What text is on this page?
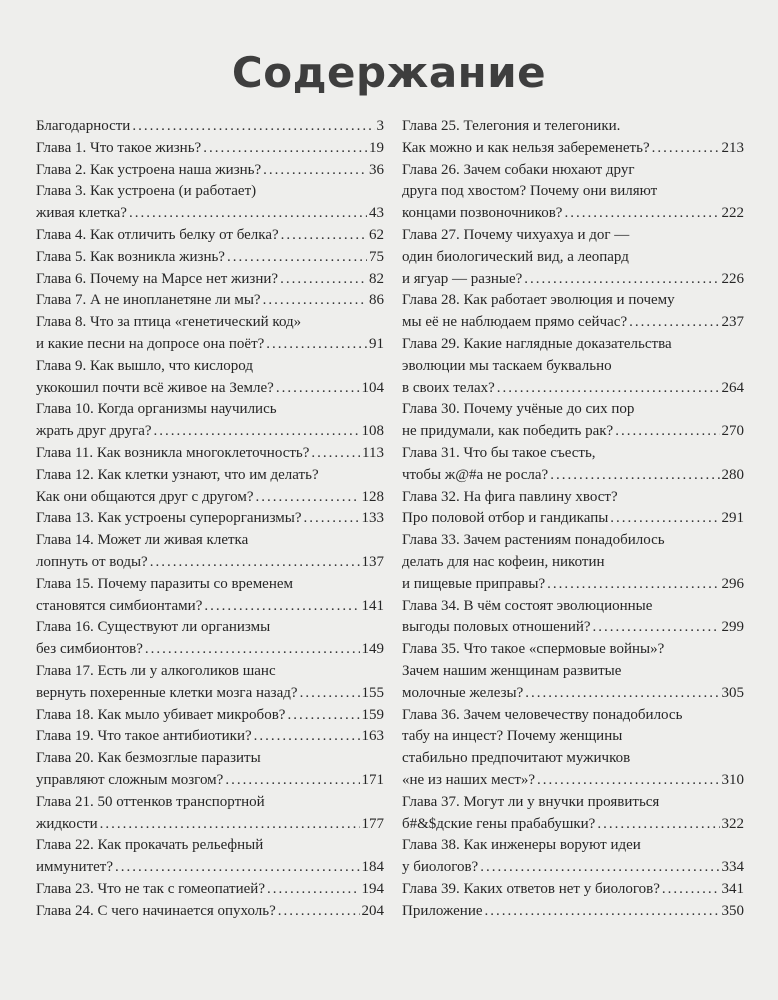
Содержание
Благодарности .....	3
Глава 1. Что такое жизнь? .....	19
Глава 2. Как устроена наша жизнь? .....	36
Глава 3. Как устроена (и работает)
живая клетка? .....	43
Глава 4. Как отличить белку от белка? .....	62
Глава 5. Как возникла жизнь? .....	75
Глава 6. Почему на Марсе нет жизни? .....	82
Глава 7. А не инопланетяне ли мы? .....	86
Глава 8. Что за птица «генетический код»
и какие песни на допросе она поёт? .....	91
Глава 9. Как вышло, что кислород
укокошил почти всё живое на Земле? .....	104
Глава 10. Когда организмы научились
жрать друг друга? .....	108
Глава 11. Как возникла многоклеточность? .....	113
Глава 12. Как клетки узнают, что им делать?
Как они общаются друг с другом? .....	128
Глава 13. Как устроены суперорганизмы? .....	133
Глава 14. Может ли живая клетка
лопнуть от воды? .....	137
Глава 15. Почему паразиты со временем
становятся симбионтами? .....	141
Глава 16. Существуют ли организмы
без симбионтов? .....	149
Глава 17. Есть ли у алкоголиков шанс
вернуть похеренные клетки мозга назад? .....	155
Глава 18. Как мыло убивает микробов? .....	159
Глава 19. Что такое антибиотики? .....	163
Глава 20. Как безмозглые паразиты
управляют сложным мозгом? .....	171
Глава 21. 50 оттенков транспортной
жидкости .....	177
Глава 22. Как прокачать рельефный
иммунитет? .....	184
Глава 23. Что не так с гомеопатией? .....	194
Глава 24. С чего начинается опухоль? .....	204
Глава 25. Телегония и телегоники.
Как можно и как нельзя забеременеть? .....	213
Глава 26. Зачем собаки нюхают друг
друга под хвостом? Почему они виляют
концами позвоночников? .....	222
Глава 27. Почему чихуахуа и дог —
один биологический вид, а леопард
и ягуар — разные? .....	226
Глава 28. Как работает эволюция и почему
мы её не наблюдаем прямо сейчас? .....	237
Глава 29. Какие наглядные доказательства
эволюции мы таскаем буквально
в своих телах? .....	264
Глава 30. Почему учёные до сих пор
не придумали, как победить рак? .....	270
Глава 31. Что бы такое съесть,
чтобы ж@#а не росла? .....	280
Глава 32. На фига павлину хвост?
Про половой отбор и гандикапы .....	291
Глава 33. Зачем растениям понадобилось
делать для нас кофеин, никотин
и пищевые приправы? .....	296
Глава 34. В чём состоят эволюционные
выгоды половых отношений? .....	299
Глава 35. Что такое «спермовые войны»?
Зачем нашим женщинам развитые
молочные железы? .....	305
Глава 36. Зачем человечеству понадобилось
табу на инцест? Почему женщины
стабильно предпочитают мужичков
«не из наших мест»? .....	310
Глава 37. Могут ли у внучки проявиться
б#&$дские гены прабабушки? .....	322
Глава 38. Как инженеры воруют идеи
у биологов? .....	334
Глава 39. Каких ответов нет у биологов? .....	341
Приложение .....	350
